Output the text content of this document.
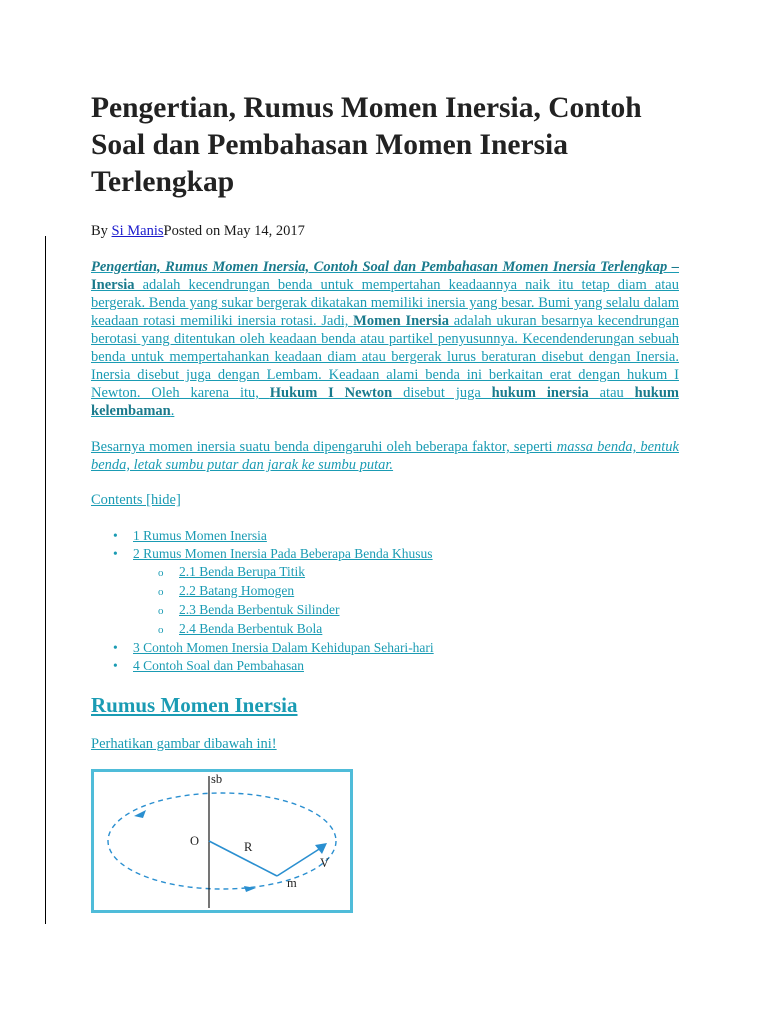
Pengertian, Rumus Momen Inersia, Contoh Soal dan Pembahasan Momen Inersia Terlengkap
By Si ManisPosted on May 14, 2017

Pengertian, Rumus Momen Inersia, Contoh Soal dan Pembahasan Momen Inersia Terlengkap – Inersia adalah kecendrungan benda untuk mempertahan keadaannya naik itu tetap diam atau bergerak. Benda yang sukar bergerak dikatakan memiliki inersia yang besar. Bumi yang selalu dalam keadaan rotasi memiliki inersia rotasi. Jadi, Momen Inersia adalah ukuran besarnya kecendrungan berotasi yang ditentukan oleh keadaan benda atau partikel penyusunnya. Kecendenderungan sebuah benda untuk mempertahankan keadaan diam atau bergerak lurus beraturan disebut dengan Inersia. Inersia disebut juga dengan Lembam. Keadaan alami benda ini berkaitan erat dengan hukum I Newton. Oleh karena itu, Hukum I Newton disebut juga hukum inersia atau hukum kelembaman.

Besarnya momen inersia suatu benda dipengaruhi oleh beberapa faktor, seperti massa benda, bentuk benda, letak sumbu putar dan jarak ke sumbu putar.

Contents [hide]
• 1 Rumus Momen Inersia
• 2 Rumus Momen Inersia Pada Beberapa Benda Khusus
o 2.1 Benda Berupa Titik
o 2.2 Batang Homogen
o 2.3 Benda Berbentuk Silinder
o 2.4 Benda Berbentuk Bola
• 3 Contoh Momen Inersia Dalam Kehidupan Sehari-hari
• 4 Contoh Soal dan Pembahasan
Rumus Momen Inersia

Perhatikan gambar dibawah ini!

sb
O	R
m
V
